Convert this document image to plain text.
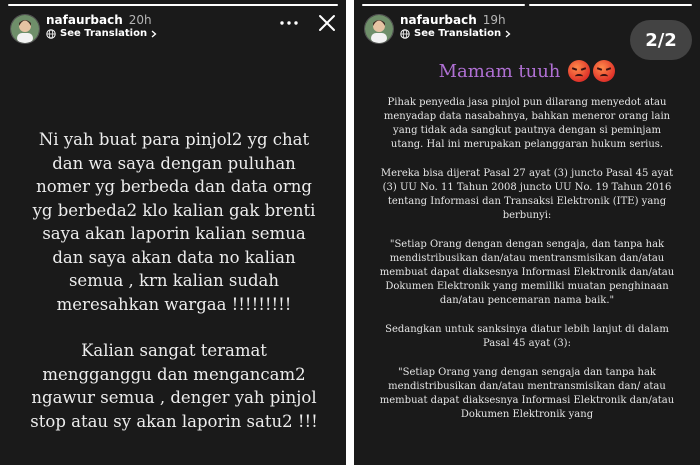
nafaurbach 20h
See Translation

Ni yah buat para pinjol2 yg chat dan wa saya dengan puluhan nomer yg berbeda dan data orng yg berbeda2 klo kalian gak brenti saya akan laporin kalian semua dan saya akan data no kalian semua , krn kalian sudah meresahkan wargaa !!!!!!!!!

Kalian sangat teramat mengganggu dan mengancam2 ngawur semua , denger yah pinjol stop atau sy akan laporin satu2 !!!

nafaurbach 19h
See Translation	2/2
Mamam tuuh

Pihak penyedia jasa pinjol pun dilarang menyedot atau menyadap data nasabahnya, bahkan meneror orang lain yang tidak ada sangkut pautnya dengan si peminjam utang. Hal ini merupakan pelanggaran hukum serius.

Mereka bisa dijerat Pasal 27 ayat (3) juncto Pasal 45 ayat (3) UU No. 11 Tahun 2008 juncto UU No. 19 Tahun 2016 tentang Informasi dan Transaksi Elektronik (ITE) yang berbunyi:

"Setiap Orang dengan dengan sengaja, dan tanpa hak mendistribusikan dan/atau mentransmisikan dan/atau membuat dapat diaksesnya Informasi Elektronik dan/atau Dokumen Elektronik yang memiliki muatan penghinaan dan/atau pencemaran nama baik."

Sedangkan untuk sanksinya diatur lebih lanjut di dalam Pasal 45 ayat (3):

"Setiap Orang yang dengan sengaja dan tanpa hak mendistribusikan dan/atau mentransmisikan dan/ atau membuat dapat diaksesnya Informasi Elektronik dan/atau Dokumen Elektronik yang
